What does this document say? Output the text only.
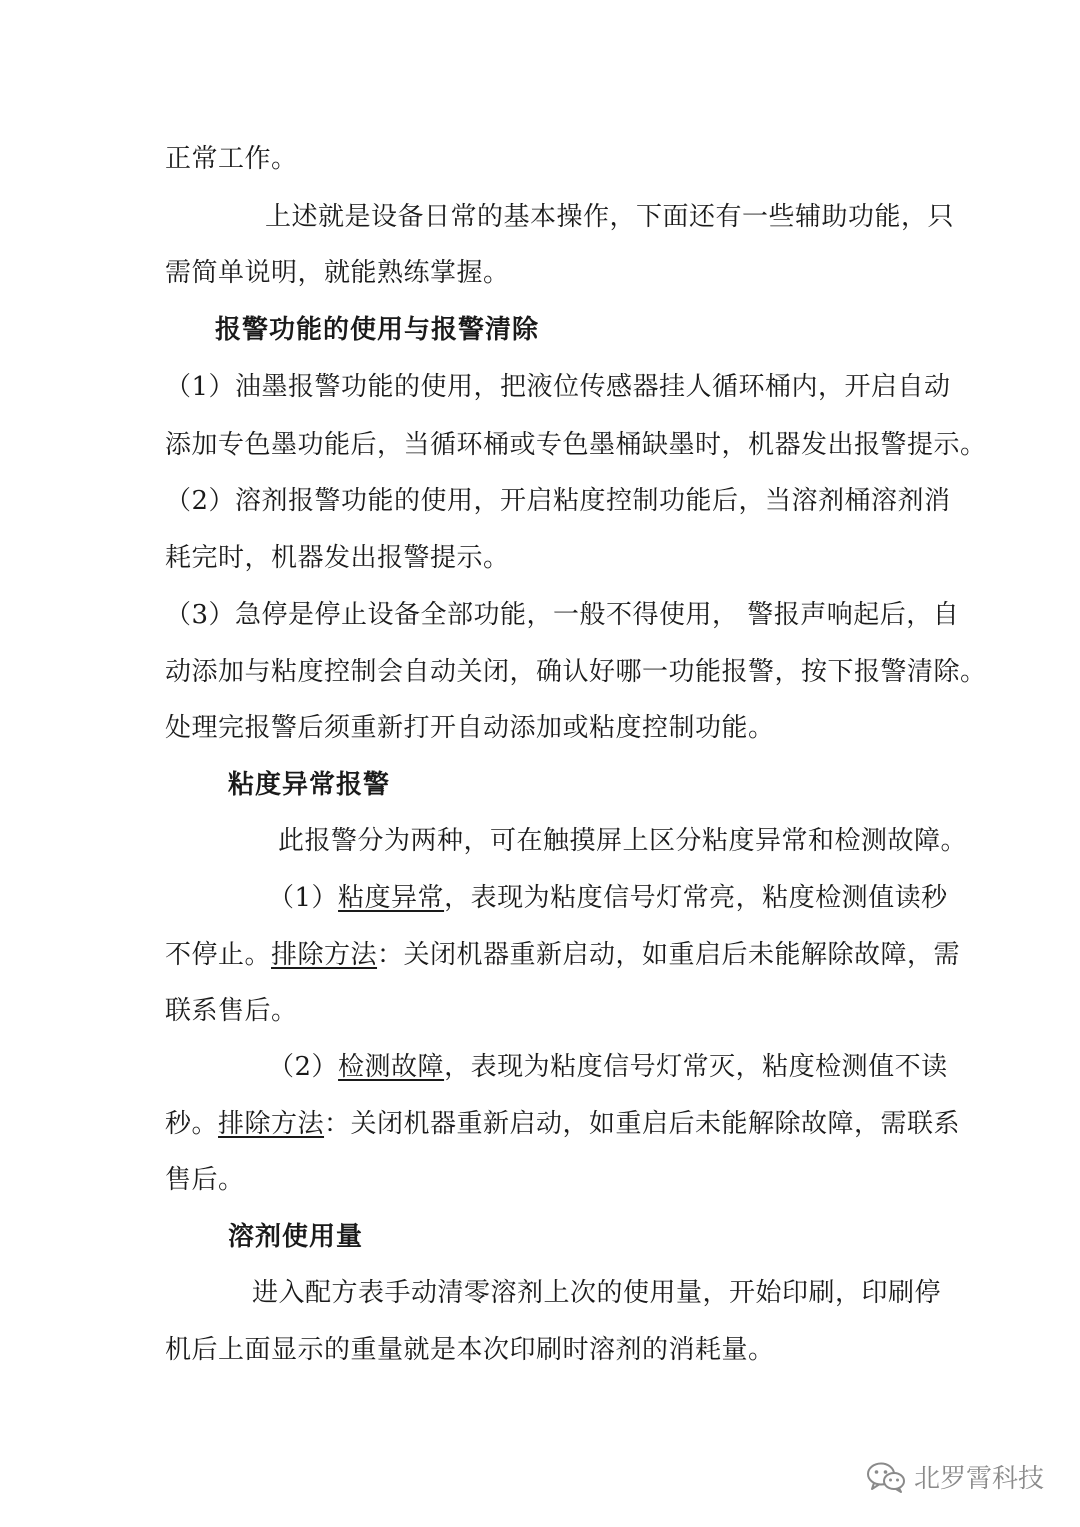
正常工作。
上述就是设备日常的基本操作，下面还有一些辅助功能，只
需简单说明，就能熟练掌握。
报警功能的使用与报警清除
（1）油墨报警功能的使用，把液位传感器挂人循环桶内，开启自动
添加专色墨功能后，当循环桶或专色墨桶缺墨时，机器发出报警提示。
（2）溶剂报警功能的使用，开启粘度控制功能后，当溶剂桶溶剂消
耗完时，机器发出报警提示。
（3）急停是停止设备全部功能，一般不得使用， 警报声响起后，自
动添加与粘度控制会自动关闭，确认好哪一功能报警，按下报警清除。
处理完报警后须重新打开自动添加或粘度控制功能。
粘度异常报警
此报警分为两种，可在触摸屏上区分粘度异常和检测故障。
（1）粘度异常，表现为粘度信号灯常亮，粘度检测值读秒
不停止。排除方法：关闭机器重新启动，如重启后未能解除故障，需
联系售后。
（2）检测故障，表现为粘度信号灯常灭，粘度检测值不读
秒。排除方法：关闭机器重新启动，如重启后未能解除故障，需联系
售后。
溶剂使用量
进入配方表手动清零溶剂上次的使用量，开始印刷，印刷停
机后上面显示的重量就是本次印刷时溶剂的消耗量。
北罗霄科技
